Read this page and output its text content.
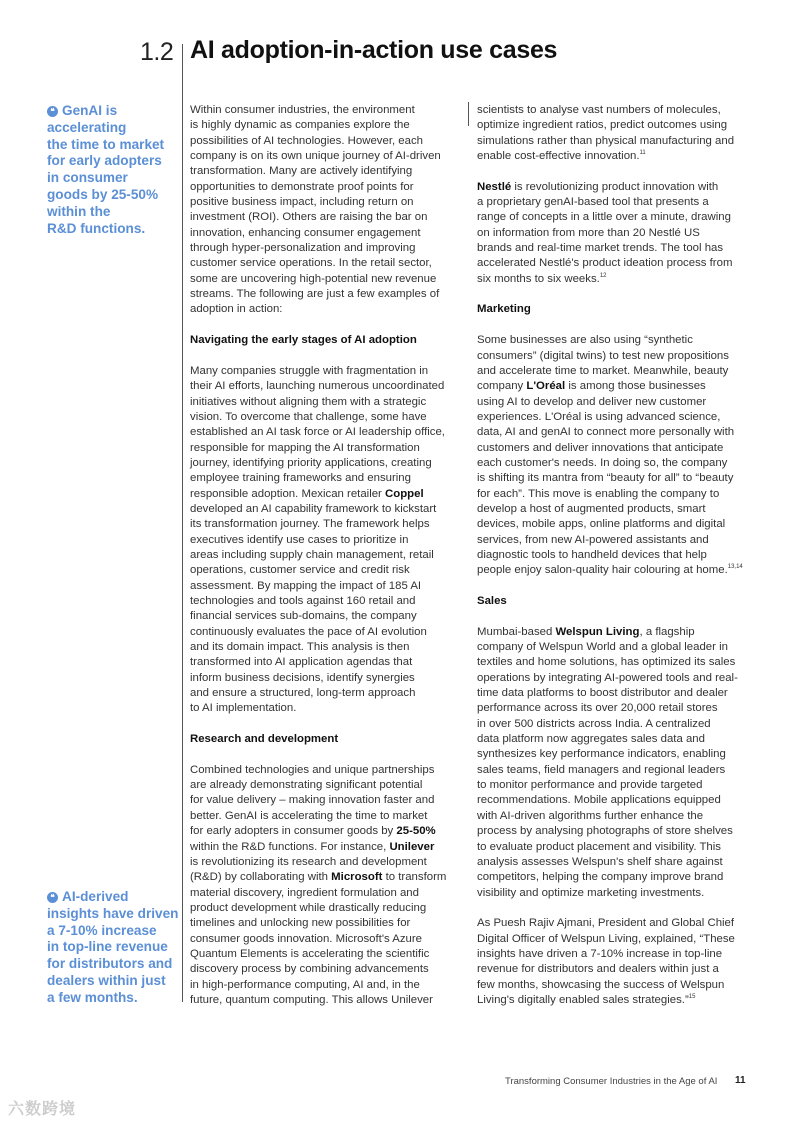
1.2 AI adoption-in-action use cases
❝ GenAI is
accelerating
the time to market
for early adopters
in consumer
goods by 25-50%
within the
R&D functions.
❝ AI-derived
insights have driven
a 7-10% increase
in top-line revenue
for distributors and
dealers within just
a few months.
Within consumer industries, the environment
is highly dynamic as companies explore the
possibilities of AI technologies. However, each
company is on its own unique journey of AI-driven
transformation. Many are actively identifying
opportunities to demonstrate proof points for
positive business impact, including return on
investment (ROI). Others are raising the bar on
innovation, enhancing consumer engagement
through hyper-personalization and improving
customer service operations. In the retail sector,
some are uncovering high-potential new revenue
streams. The following are just a few examples of
adoption in action:
Navigating the early stages of AI adoption
Many companies struggle with fragmentation in
their AI efforts, launching numerous uncoordinated
initiatives without aligning them with a strategic
vision. To overcome that challenge, some have
established an AI task force or AI leadership office,
responsible for mapping the AI transformation
journey, identifying priority applications, creating
employee training frameworks and ensuring
responsible adoption. Mexican retailer Coppel
developed an AI capability framework to kickstart
its transformation journey. The framework helps
executives identify use cases to prioritize in
areas including supply chain management, retail
operations, customer service and credit risk
assessment. By mapping the impact of 185 AI
technologies and tools against 160 retail and
financial services sub-domains, the company
continuously evaluates the pace of AI evolution
and its domain impact. This analysis is then
transformed into AI application agendas that
inform business decisions, identify synergies
and ensure a structured, long-term approach
to AI implementation.
Research and development
Combined technologies and unique partnerships
are already demonstrating significant potential
for value delivery – making innovation faster and
better. GenAI is accelerating the time to market
for early adopters in consumer goods by 25-50%
within the R&D functions. For instance, Unilever
is revolutionizing its research and development
(R&D) by collaborating with Microsoft to transform
material discovery, ingredient formulation and
product development while drastically reducing
timelines and unlocking new possibilities for
consumer goods innovation. Microsoft's Azure
Quantum Elements is accelerating the scientific
discovery process by combining advancements
in high-performance computing, AI and, in the
future, quantum computing. This allows Unilever
scientists to analyse vast numbers of molecules,
optimize ingredient ratios, predict outcomes using
simulations rather than physical manufacturing and
enable cost-effective innovation.$^{11}$
Nestlé is revolutionizing product innovation with
a proprietary genAI-based tool that presents a
range of concepts in a little over a minute, drawing
on information from more than 20 Nestlé US
brands and real-time market trends. The tool has
accelerated Nestlé's product ideation process from
six months to six weeks.$^{12}$
Marketing
Some businesses are also using “synthetic
consumers” (digital twins) to test new propositions
and accelerate time to market. Meanwhile, beauty
company L'Oréal is among those businesses
using AI to develop and deliver new customer
experiences. L'Oréal is using advanced science,
data, AI and genAI to connect more personally with
customers and deliver innovations that anticipate
each customer's needs. In doing so, the company
is shifting its mantra from “beauty for all” to “beauty
for each”. This move is enabling the company to
develop a host of augmented products, smart
devices, mobile apps, online platforms and digital
services, from new AI-powered assistants and
diagnostic tools to handheld devices that help
people enjoy salon-quality hair colouring at home.$^{13,14}$
Sales
Mumbai-based Welspun Living, a flagship
company of Welspun World and a global leader in
textiles and home solutions, has optimized its sales
operations by integrating AI-powered tools and real-
time data platforms to boost distributor and dealer
performance across its over 20,000 retail stores
in over 500 districts across India. A centralized
data platform now aggregates sales data and
synthesizes key performance indicators, enabling
sales teams, field managers and regional leaders
to monitor performance and provide targeted
recommendations. Mobile applications equipped
with AI-driven algorithms further enhance the
process by analysing photographs of store shelves
to evaluate product placement and visibility. This
analysis assesses Welspun's shelf share against
competitors, helping the company improve brand
visibility and optimize marketing investments.
As Puesh Rajiv Ajmani, President and Global Chief
Digital Officer of Welspun Living, explained, “These
insights have driven a 7-10% increase in top-line
revenue for distributors and dealers within just a
few months, showcasing the success of Welspun
Living's digitally enabled sales strategies.”$^{15}$
Transforming Consumer Industries in the Age of AI 11
六数跨境
